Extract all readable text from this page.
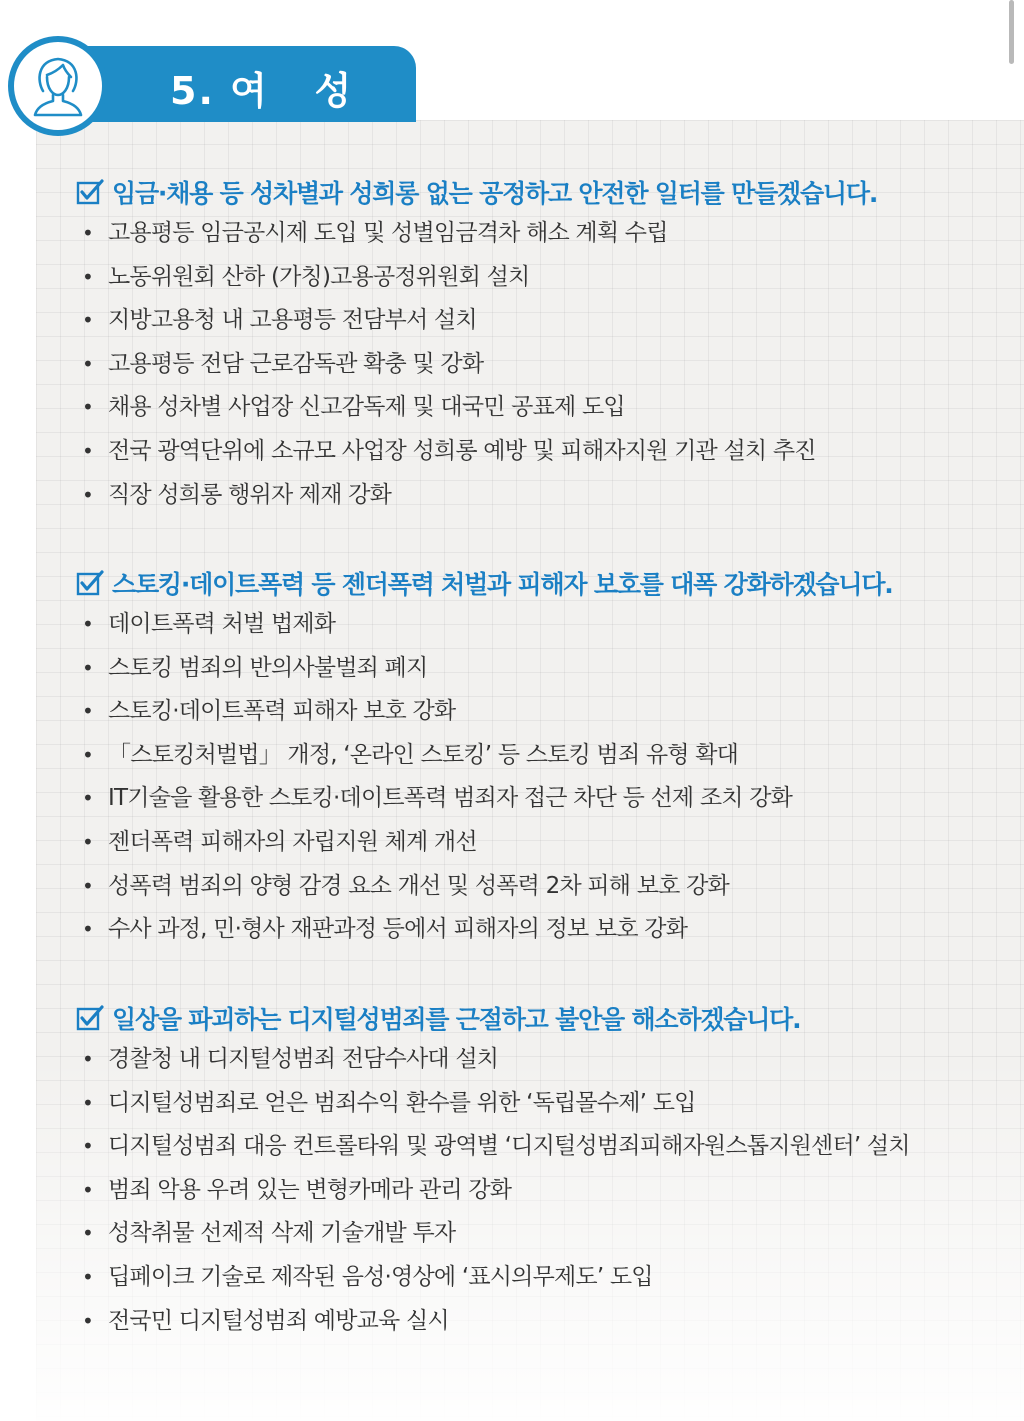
5. 여   성
임금·채용 등 성차별과 성희롱 없는 공정하고 안전한 일터를 만들겠습니다.
• 고용평등 임금공시제 도입 및 성별임금격차 해소 계획 수립
• 노동위원회 산하 (가칭)고용공정위원회 설치
• 지방고용청 내 고용평등 전담부서 설치
• 고용평등 전담 근로감독관 확충 및 강화
• 채용 성차별 사업장 신고감독제 및 대국민 공표제 도입
• 전국 광역단위에 소규모 사업장 성희롱 예방 및 피해자지원 기관 설치 추진
• 직장 성희롱 행위자 제재 강화
스토킹·데이트폭력 등 젠더폭력 처벌과 피해자 보호를 대폭 강화하겠습니다.
• 데이트폭력 처벌 법제화
• 스토킹 범죄의 반의사불벌죄 폐지
• 스토킹·데이트폭력 피해자 보호 강화
• 「스토킹처벌법」 개정, ‘온라인 스토킹’ 등 스토킹 범죄 유형 확대
• IT기술을 활용한 스토킹·데이트폭력 범죄자 접근 차단 등 선제 조치 강화
• 젠더폭력 피해자의 자립지원 체계 개선
• 성폭력 범죄의 양형 감경 요소 개선 및 성폭력 2차 피해 보호 강화
• 수사 과정, 민·형사 재판과정 등에서 피해자의 정보 보호 강화
일상을 파괴하는 디지털성범죄를 근절하고 불안을 해소하겠습니다.
• 경찰청 내 디지털성범죄 전담수사대 설치
• 디지털성범죄로 얻은 범죄수익 환수를 위한 ‘독립몰수제’ 도입
• 디지털성범죄 대응 컨트롤타워 및 광역별 ‘디지털성범죄피해자원스톱지원센터’ 설치
• 범죄 악용 우려 있는 변형카메라 관리 강화
• 성착취물 선제적 삭제 기술개발 투자
• 딥페이크 기술로 제작된 음성·영상에 ‘표시의무제도’ 도입
• 전국민 디지털성범죄 예방교육 실시
